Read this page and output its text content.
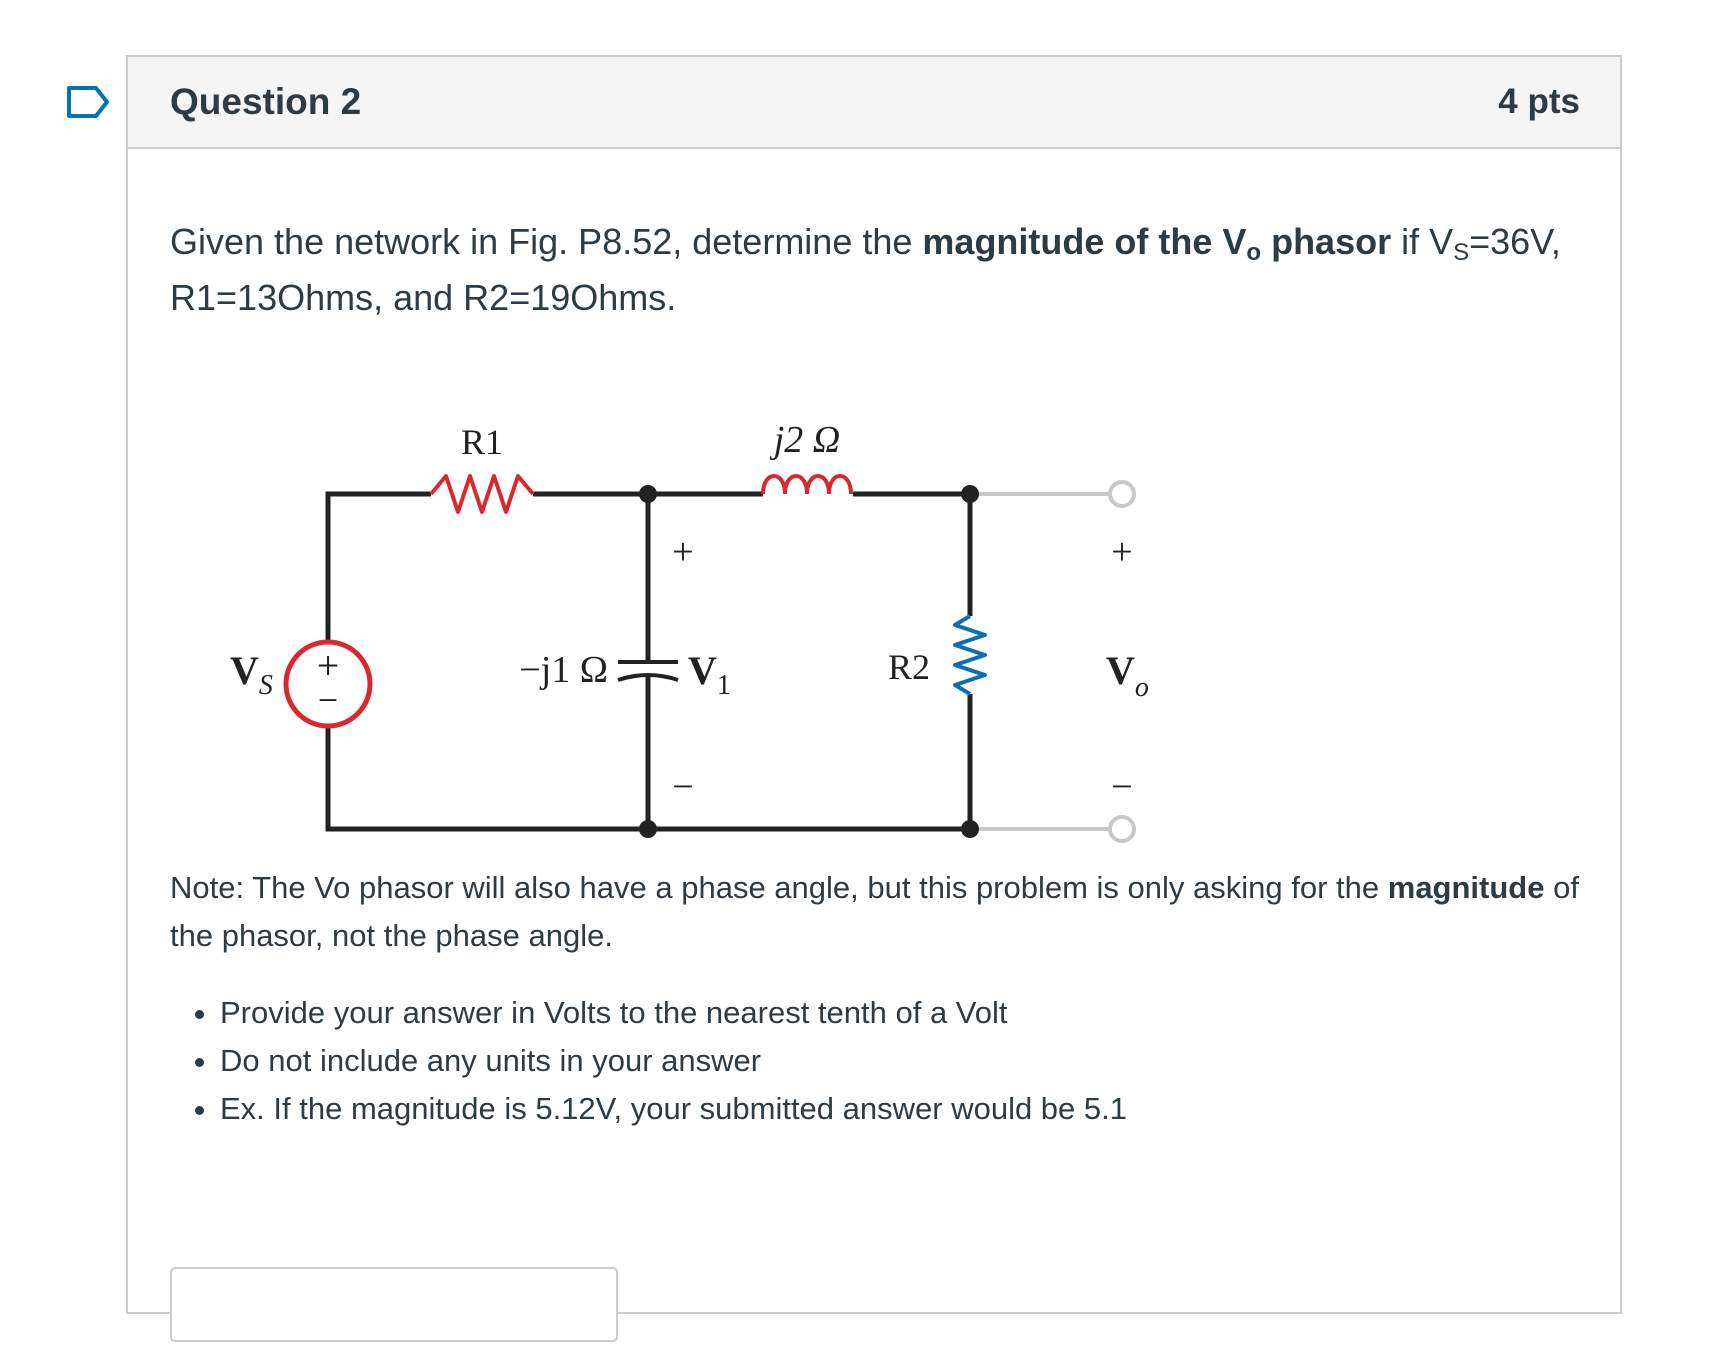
Question 2	4 pts
Given the network in Fig. P8.52, determine the magnitude of the $V_o$ phasor if $V_S=36V$, R1=13Ohms, and R2=19Ohms.
+
−
R1	j2 Ω
−j1 Ω	R2
$V_S$
+
$V_1$
−
+
$V_o$
−
Note: The Vo phasor will also have a phase angle, but this problem is only asking for the magnitude of the phasor, not the phase angle.
• Provide your answer in Volts to the nearest tenth of a Volt
• Do not include any units in your answer
• Ex. If the magnitude is 5.12V, your submitted answer would be 5.1
